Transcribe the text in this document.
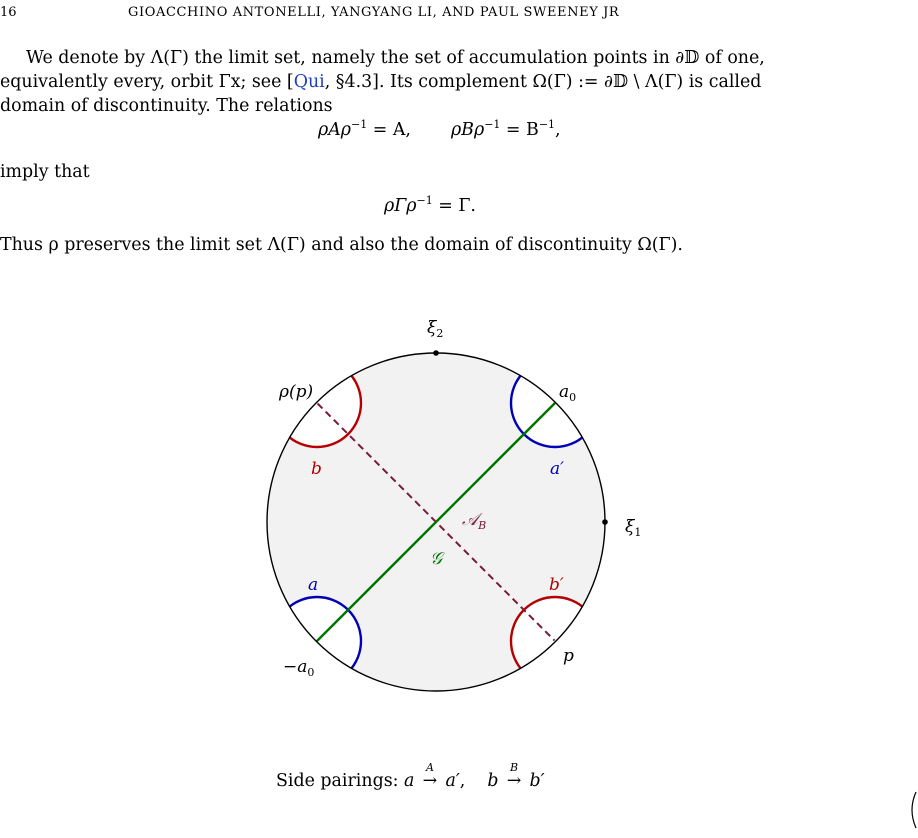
16	GIOACCHINO ANTONELLI, YANGYANG LI, AND PAUL SWEENEY JR

We denote by Λ(Γ) the limit set, namely the set of accumulation points in ∂𝔻 of one,
equivalently every, orbit Γx; see [Qui, §4.3]. Its complement Ω(Γ) := ∂𝔻 \ Λ(Γ) is called
domain of discontinuity. The relations

ρAρ$^{-1}$ = A, $\rho B\rho^{-1} = B^{-1}$,

imply that

ρΓρ$^{-1}$ = Γ.

Thus ρ preserves the limit set Λ(Γ) and also the domain of discontinuity Ω(Γ).

$\xi_2$
$\xi_1$
ρ(p)	$a_0$
$-a_0$
p
b	a′
a	b′
𝒜$_B$
𝒢
Side pairings: a
A
→ a′, b
B
→ b′
